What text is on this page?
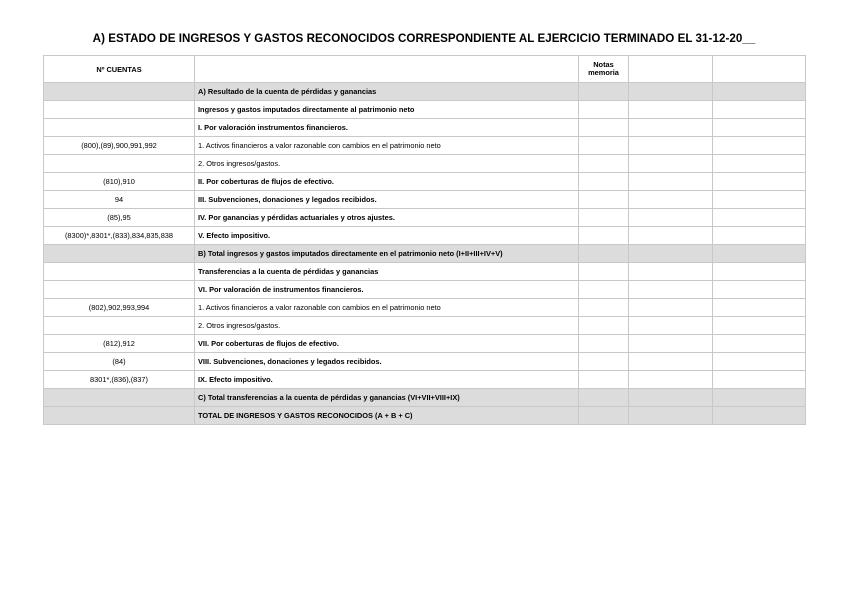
A) ESTADO DE INGRESOS Y GASTOS RECONOCIDOS CORRESPONDIENTE AL EJERCICIO TERMINADO EL 31-12-20__
Nº CUENTAS		Notas
memoria		
	A) Resultado de la cuenta de pérdidas y ganancias			
	Ingresos y gastos imputados directamente al patrimonio neto			
	I. Por valoración instrumentos financieros.			
(800),(89),900,991,992	1. Activos financieros a valor razonable con cambios en el patrimonio neto			
	2. Otros ingresos/gastos.			
(810),910	II. Por coberturas de flujos de efectivo.			
94	III. Subvenciones, donaciones y legados recibidos.			
(85),95	IV. Por ganancias y pérdidas actuariales y otros ajustes.			
(8300)*,8301*,(833),834,835,838	V. Efecto impositivo.			
	B) Total ingresos y gastos imputados directamente en el patrimonio neto (I+II+III+IV+V)			
	Transferencias a la cuenta de pérdidas y ganancias			
	VI. Por valoración de instrumentos financieros.			
(802),902,993,994	1. Activos financieros a valor razonable con cambios en el patrimonio neto			
	2. Otros ingresos/gastos.			
(812),912	VII. Por coberturas de flujos de efectivo.			
(84)	VIII. Subvenciones, donaciones y legados recibidos.			
8301*,(836),(837)	IX. Efecto impositivo.			
	C) Total transferencias a la cuenta de pérdidas y ganancias (VI+VII+VIII+IX)			
	TOTAL DE INGRESOS Y GASTOS RECONOCIDOS (A + B + C)			
